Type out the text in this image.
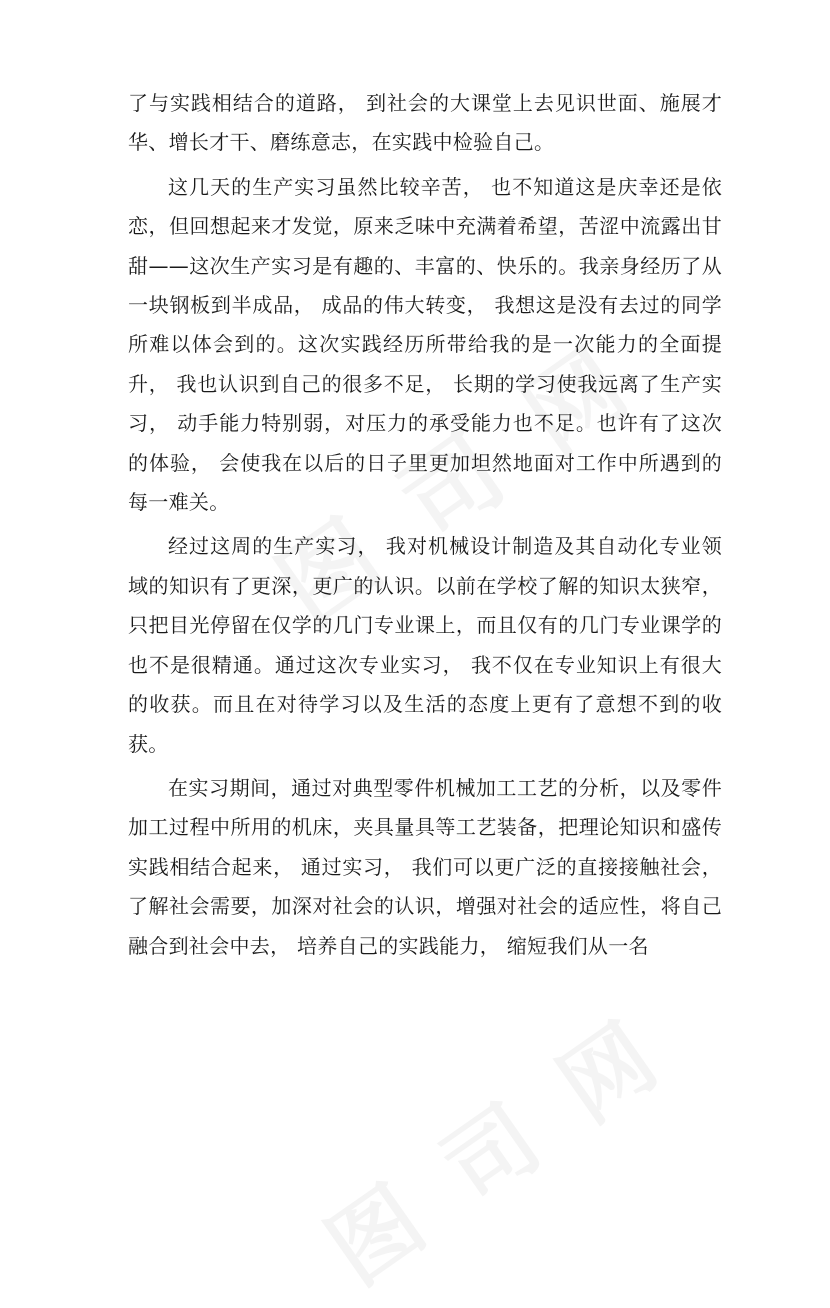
了与实践相结合的道路， 到社会的大课堂上去见识世面、施展才华、增长才干、磨练意志，在实践中检验自己。

这几天的生产实习虽然比较辛苦， 也不知道这是庆幸还是依恋，但回想起来才发觉，原来乏味中充满着希望，苦涩中流露出甘甜——这次生产实习是有趣的、丰富的、快乐的。我亲身经历了从一块钢板到半成品， 成品的伟大转变， 我想这是没有去过的同学所难以体会到的。这次实践经历所带给我的是一次能力的全面提升， 我也认识到自己的很多不足， 长期的学习使我远离了生产实习， 动手能力特别弱，对压力的承受能力也不足。也许有了这次的体验， 会使我在以后的日子里更加坦然地面对工作中所遇到的每一难关。

经过这周的生产实习， 我对机械设计制造及其自动化专业领域的知识有了更深，更广的认识。以前在学校了解的知识太狭窄，只把目光停留在仅学的几门专业课上，而且仅有的几门专业课学的也不是很精通。通过这次专业实习， 我不仅在专业知识上有很大的收获。而且在对待学习以及生活的态度上更有了意想不到的收获。

在实习期间，通过对典型零件机械加工工艺的分析，以及零件加工过程中所用的机床，夹具量具等工艺装备，把理论知识和盛传实践相结合起来， 通过实习， 我们可以更广泛的直接接触社会，了解社会需要，加深对社会的认识，增强对社会的适应性，将自己融合到社会中去， 培养自己的实践能力， 缩短我们从一名
